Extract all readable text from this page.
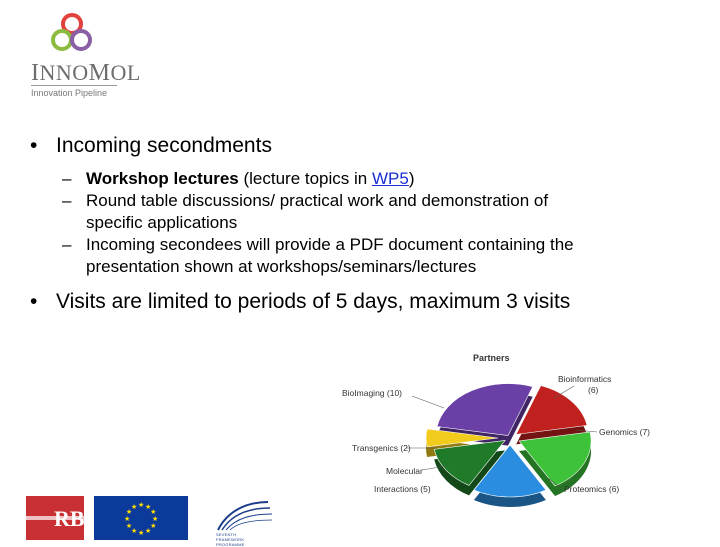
INNOMOL
Innovation Pipeline
• Incoming secondments
– Workshop lectures (lecture topics in WP5)
– Round table discussions/ practical work and demonstration of
specific applications
– Incoming secondees will provide a PDF document containing the
presentation shown at workshops/seminars/lectures
• Visits are limited to periods of 5 days, maximum 3 visits
Partners
Bioinformatics
(6)
Genomics (7)
Proteomics (6)
Molecular
Interactions (5)
Transgenics (2)
BioImaging (10)
RB	★
★
★
★
★
★
★
★
★ ★ ★
★
SEVENTH FRAMEWORK PROGRAMME
